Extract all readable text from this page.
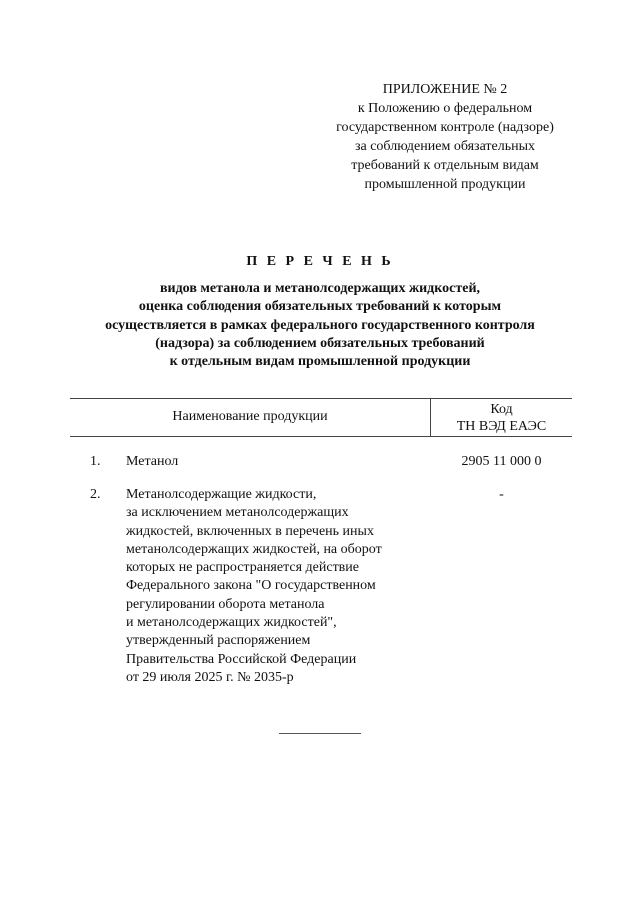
ПРИЛОЖЕНИЕ № 2
к Положению о федеральном
государственном контроле (надзоре)
за соблюдением обязательных
требований к отдельным видам
промышленной продукции
П Е Р Е Ч Е Н Ь
видов метанола и метанолсодержащих жидкостей,
оценка соблюдения обязательных требований к которым
осуществляется в рамках федерального государственного контроля
(надзора) за соблюдением обязательных требований
к отдельным видам промышленной продукции
Наименование продукции	Код
ТН ВЭД ЕАЭС
1. Метанол	2905 11 000 0
2. Метанолсодержащие жидкости,
за исключением метанолсодержащих
жидкостей, включенных в перечень иных
метанолсодержащих жидкостей, на оборот
которых не распространяется действие
Федерального закона "О государственном
регулировании оборота метанола
и метанолсодержащих жидкостей",
утвержденный распоряжением
Правительства Российской Федерации
от 29 июля 2025 г. № 2035-р
-
